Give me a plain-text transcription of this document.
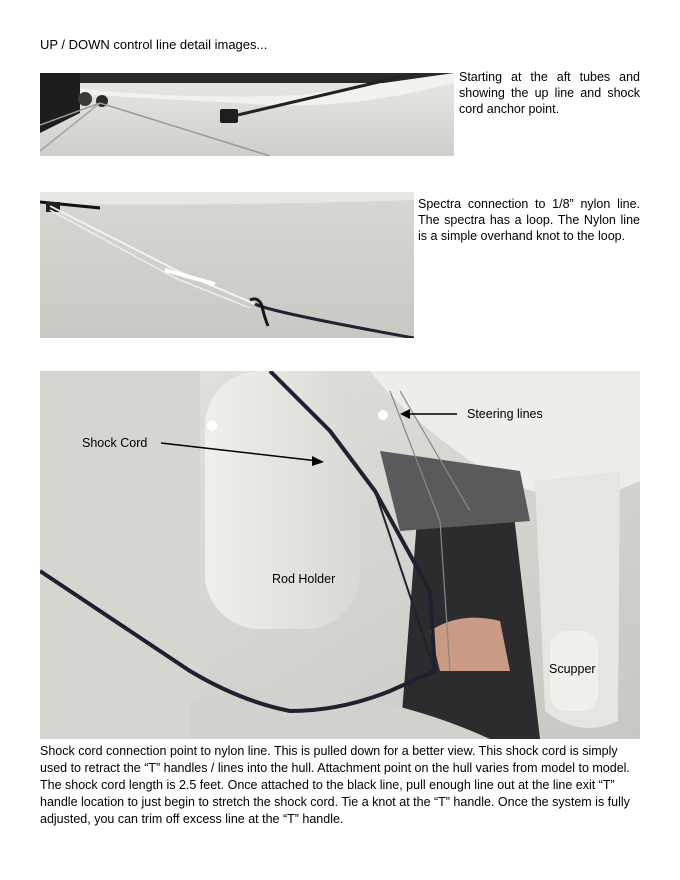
UP / DOWN control line detail images...
Starting at the aft tubes and showing the up line and shock cord anchor point.
Spectra connection to 1/8” nylon line. The spectra has a loop. The Nylon line is a simple overhand knot to the loop.
Shock Cord
Steering lines
Rod Holder
Scupper
Shock cord connection point to nylon line. This is pulled down for a better view. This shock cord is simply used to retract the “T” handles / lines into the hull. Attachment point on the hull varies from model to model. The shock cord length is 2.5 feet. Once attached to the black line, pull enough line out at the line exit “T” handle location to just begin to stretch the shock cord. Tie a knot at the “T” handle. Once the system is fully adjusted, you can trim off excess line at the “T” handle.
